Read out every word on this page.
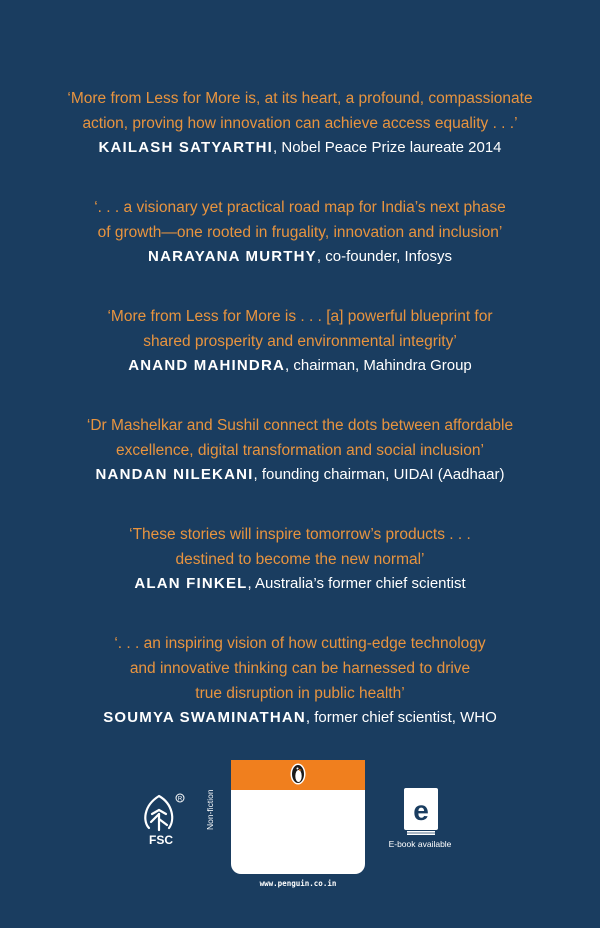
‘More from Less for More is, at its heart, a profound, compassionate
action, proving how innovation can achieve access equality . . .’
KAILASH SATYARTHI, Nobel Peace Prize laureate 2014
‘. . . a visionary yet practical road map for India’s next phase
of growth—one rooted in frugality, innovation and inclusion’
NARAYANA MURTHY, co-founder, Infosys
‘More from Less for More is . . . [a] powerful blueprint for
shared prosperity and environmental integrity’
ANAND MAHINDRA, chairman, Mahindra Group
‘Dr Mashelkar and Sushil connect the dots between affordable
excellence, digital transformation and social inclusion’
NANDAN NILEKANI, founding chairman, UIDAI (Aadhaar)
‘These stories will inspire tomorrow’s products . . .
destined to become the new normal’
ALAN FINKEL, Australia’s former chief scientist
‘. . . an inspiring vision of how cutting-edge technology
and innovative thinking can be harnessed to drive
true disruption in public health’
SOUMYA SWAMINATHAN, former chief scientist, WHO
R
FSC
Non-fiction
www.penguin.co.in
e
E-book available
